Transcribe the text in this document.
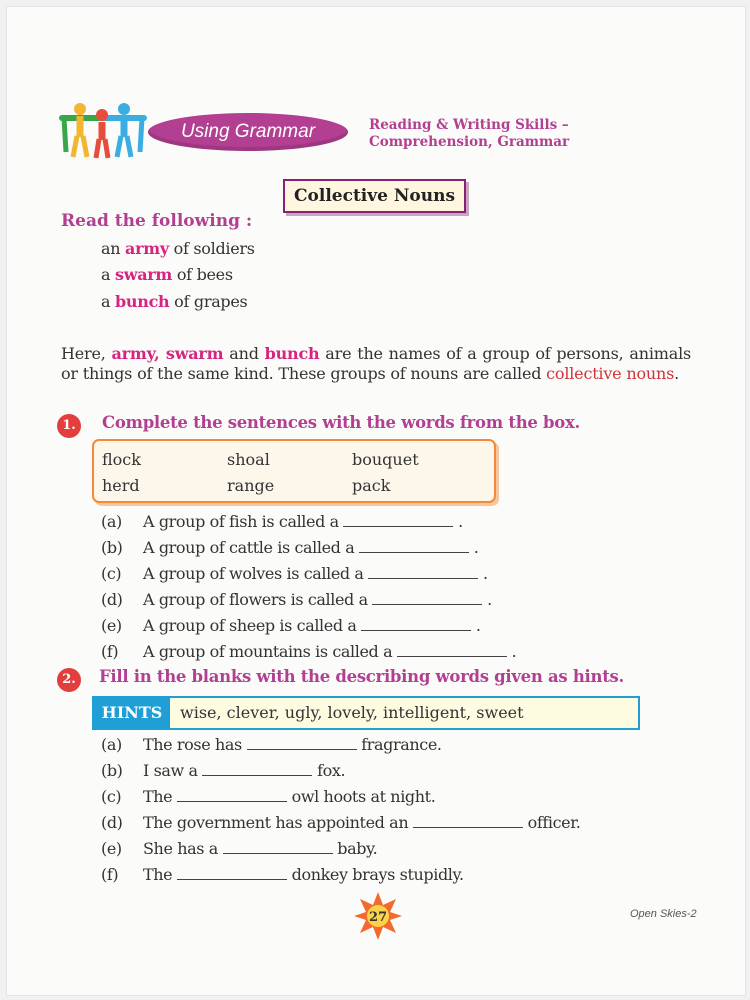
Using Grammar	Reading & Writing Skills –
Comprehension, Grammar
Collective Nouns
Read the following :
an army of soldiers
a swarm of bees
a bunch of grapes
Here, army, swarm and bunch are the names of a group of persons, animals or things of the same kind. These groups of nouns are called collective nouns.
1.	Complete the sentences with the words from the box.
flock	shoal	bouquet
herd	range	pack
(a) A group of fish is called a	.
(b) A group of cattle is called a	.
(c) A group of wolves is called a	.
(d) A group of flowers is called a	.
(e) A group of sheep is called a	.
(f) A group of mountains is called a	.
2.	Fill in the blanks with the describing words given as hints.
HINTS	wise, clever, ugly, lovely, intelligent, sweet
(a) The rose has	fragrance.
(b) I saw a	fox.
(c) The	owl hoots at night.
(d) The government has appointed an	officer.
(e) She has a	baby.
(f) The	donkey brays stupidly.
27	Open Skies-2
